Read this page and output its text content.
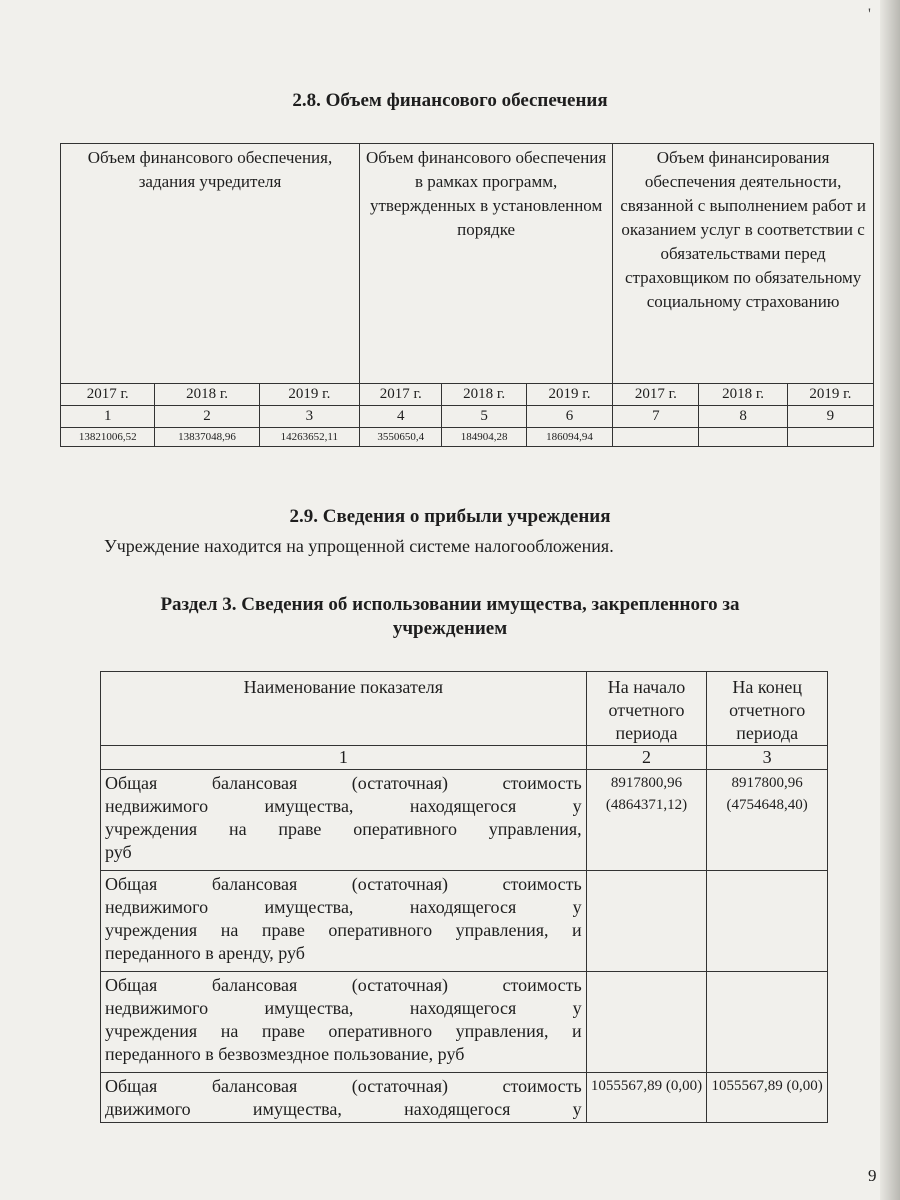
'
2.8. Объем финансового обеспечения
Объем финансового обеспечения, задания учредителя			Объем финансового обеспечения в рамках программ, утвержденных в установленном порядке			Объем финансирования обеспечения деятельности, связанной с выполнением работ и оказанием услуг в соответствии с обязательствами перед страховщиком по обязательному социальному страхованию		
2017 г.	2018 г.	2019 г.	2017 г.	2018 г.	2019 г.	2017 г.	2018 г.	2019 г.
1	2	3	4	5	6	7	8	9
13821006,52	13837048,96	14263652,11	3550650,4	184904,28	186094,94			
2.9. Сведения о прибыли учреждения
Учреждение находится на упрощенной системе налогообложения.
Раздел 3. Сведения об использовании имущества, закрепленного за
учреждением
Наименование показателя	На начало отчетного периода	На конец отчетного периода
1	2	3

Общая балансовая (остаточная) стоимость
недвижимого имущества, находящегося у
учреждения на праве оперативного управления,
руб	8917800,96 (4864371,12)	8917800,96 (4754648,40)

Общая балансовая (остаточная) стоимость
недвижимого имущества, находящегося у
учреждения на праве оперативного управления, и
переданного в аренду, руб		

Общая балансовая (остаточная) стоимость
недвижимого имущества, находящегося у
учреждения на праве оперативного управления, и
переданного в безвозмездное пользование, руб		

Общая балансовая (остаточная) стоимость
движимого имущества, находящегося у	1055567,89 (0,00)	1055567,89 (0,00)
9
